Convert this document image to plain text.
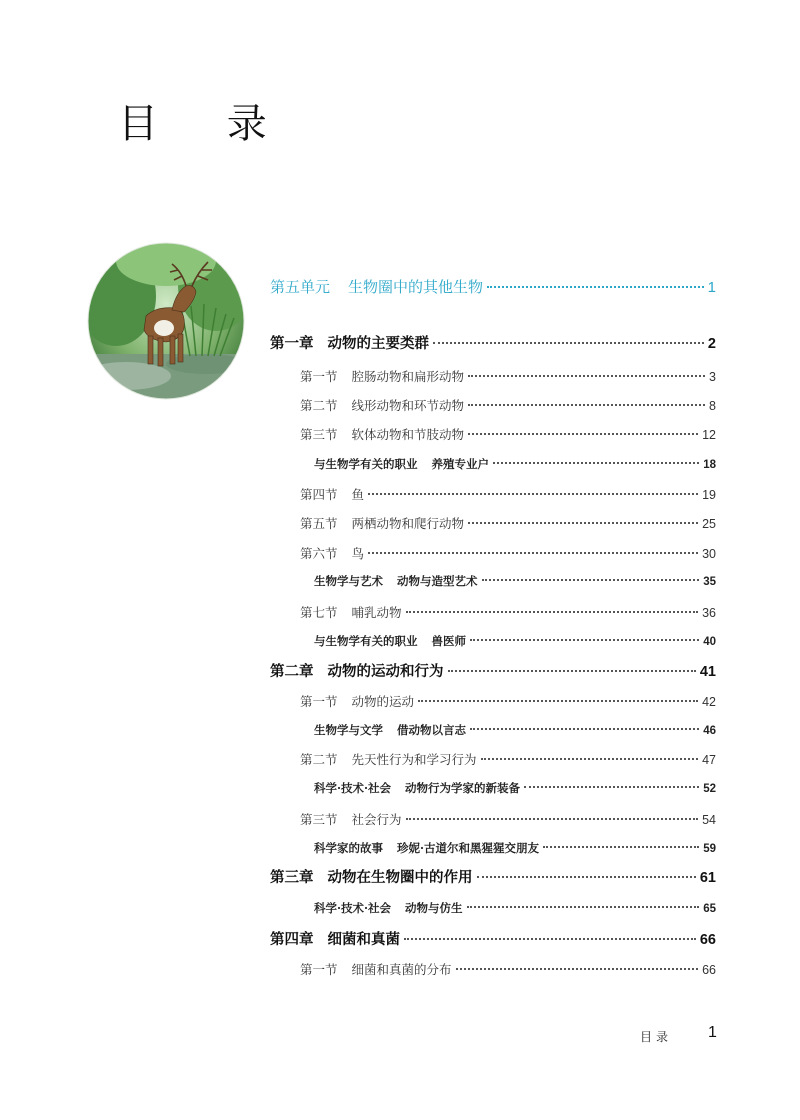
目 录
第五单元 生物圈中的其他生物	1
第一章 动物的主要类群	2
第一节 腔肠动物和扁形动物	3
第二节 线形动物和环节动物	8
第三节 软体动物和节肢动物	12
与生物学有关的职业 养殖专业户	18
第四节 鱼	19
第五节 两栖动物和爬行动物	25
第六节 鸟	30
生物学与艺术 动物与造型艺术	35
第七节 哺乳动物	36
与生物学有关的职业 兽医师	40
第二章 动物的运动和行为	41
第一节 动物的运动	42
生物学与文学 借动物以言志	46
第二节 先天性行为和学习行为	47
科学·技术·社会 动物行为学家的新装备	52
第三节 社会行为	54
科学家的故事 珍妮·古道尔和黑猩猩交朋友	59
第三章 动物在生物圈中的作用	61
科学·技术·社会 动物与仿生	65
第四章 细菌和真菌	66
第一节 细菌和真菌的分布	66
目录 1
